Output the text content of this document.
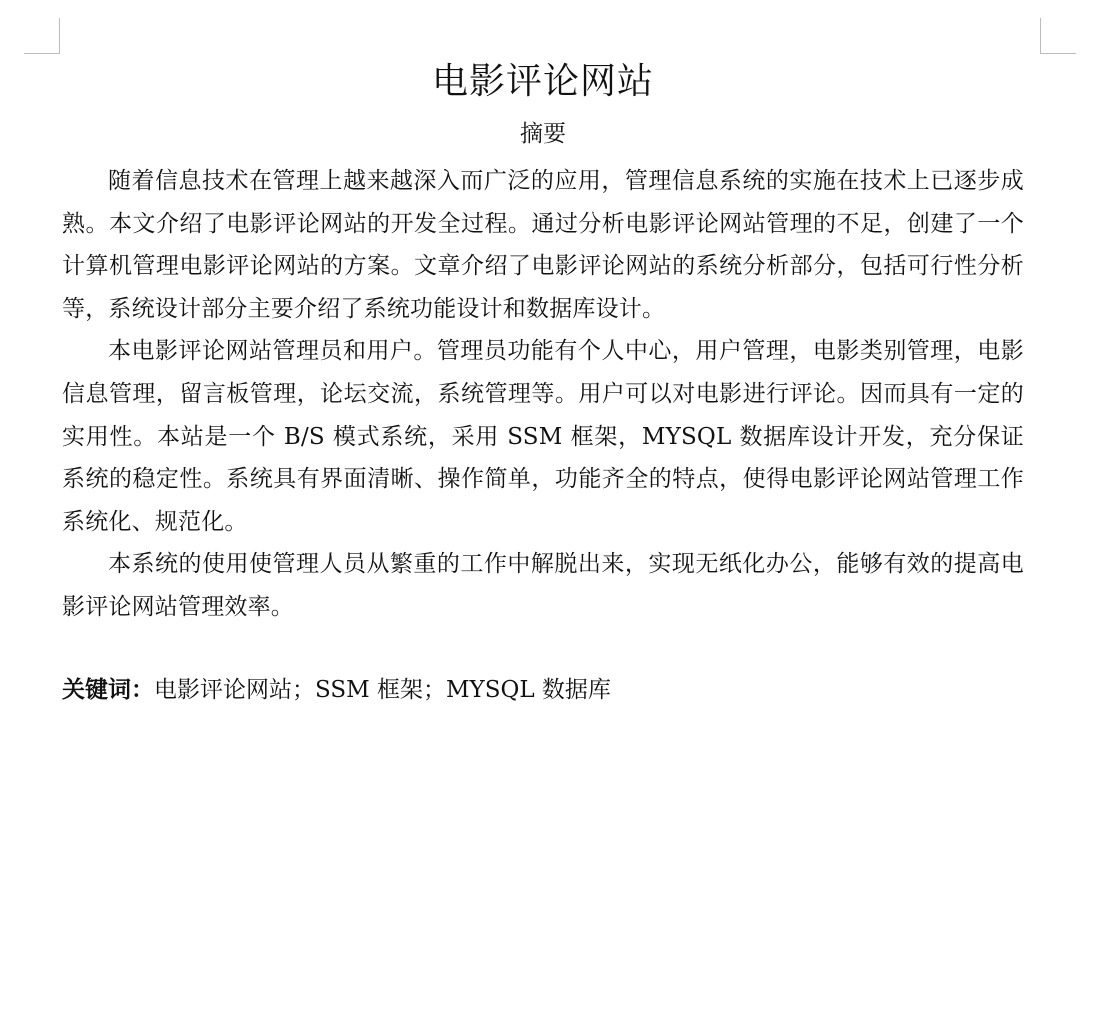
电影评论网站
摘要

随着信息技术在管理上越来越深入而广泛的应用，管理信息系统的实施在技术上已逐步成熟。本文介绍了电影评论网站的开发全过程。通过分析电影评论网站管理的不足，创建了一个计算机管理电影评论网站的方案。文章介绍了电影评论网站的系统分析部分，包括可行性分析等，系统设计部分主要介绍了系统功能设计和数据库设计。

本电影评论网站管理员和用户。管理员功能有个人中心，用户管理，电影类别管理，电影信息管理，留言板管理，论坛交流，系统管理等。用户可以对电影进行评论。因而具有一定的实用性。本站是一个 B/S 模式系统，采用 SSM 框架，MYSQL 数据库设计开发，充分保证系统的稳定性。系统具有界面清晰、操作简单，功能齐全的特点，使得电影评论网站管理工作系统化、规范化。

本系统的使用使管理人员从繁重的工作中解脱出来，实现无纸化办公，能够有效的提高电影评论网站管理效率。

关键词：电影评论网站；SSM 框架；MYSQL 数据库
